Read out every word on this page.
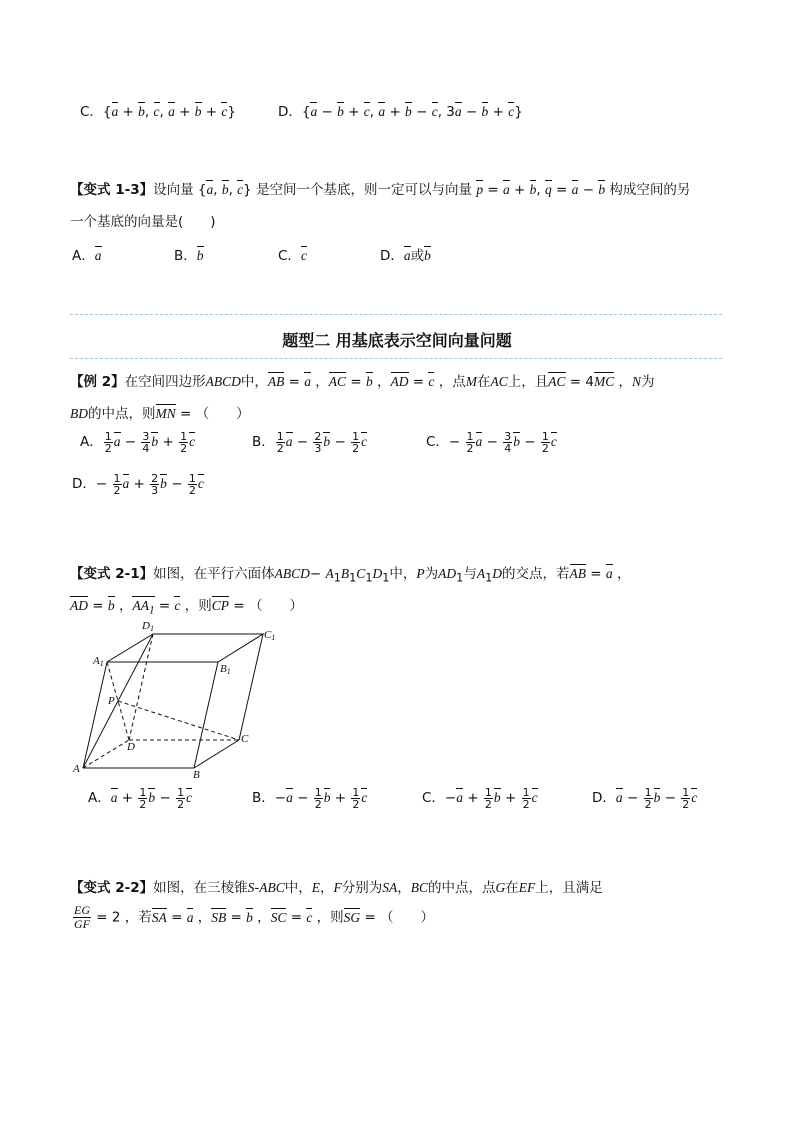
C．{a + b, c, a + b + c}	D．{a − b + c, a + b − c, 3a − b + c}
【变式 1-3】设向量 {a, b, c} 是空间一个基底，则一定可以与向量 p = a + b, q = a − b 构成空间的另
一个基底的向量是(　　)
A．a	B．b	C．c	D．a或b
题型二 用基底表示空间向量问题
【例 2】在空间四边形ABCD中，AB = a ，AC = b ，AD = c ，点M在AC上，且AC = 4MC ，N为
BD的中点，则MN = （　　）
A． $\frac{1}{2}$ $a - \frac{3}{4}$ $b + \frac{1}{2}$ c	B． $\frac{1}{2}$ $a - \frac{2}{3}$ $b - \frac{1}{2}$ c	C．− $\frac{1}{2}$ $a - \frac{3}{4}$ $b - \frac{1}{2}$ c
D．− $\frac{1}{2}$ $a + \frac{2}{3}$ $b - \frac{1}{2}$ c
【变式 2-1】如图，在平行六面体ABCD− $A_1B_1C_1D_1$中，P为$AD_1$与$A_1D$的交点，若AB = a ，
AD = b ，$AA_1 = c$ ，则CP = （　　）
D1
C1
A1	B1
P
D
C
A	B
A．$a + \frac{1}{2}$ $b - \frac{1}{2}$ c	B．$-a - \frac{1}{2}$ $b + \frac{1}{2}$ c	C．$-a + \frac{1}{2}$ $b + \frac{1}{2}$ c	D．$a - \frac{1}{2}$ $b - \frac{1}{2}$ c
【变式 2-2】如图，在三棱锥S-ABC中，E，F分别为SA，BC的中点，点G在EF上，且满足
$\frac{EG}{GF} = 2$ ，若SA = a ，SB = b ，SC = c ，则SG = （　　）
